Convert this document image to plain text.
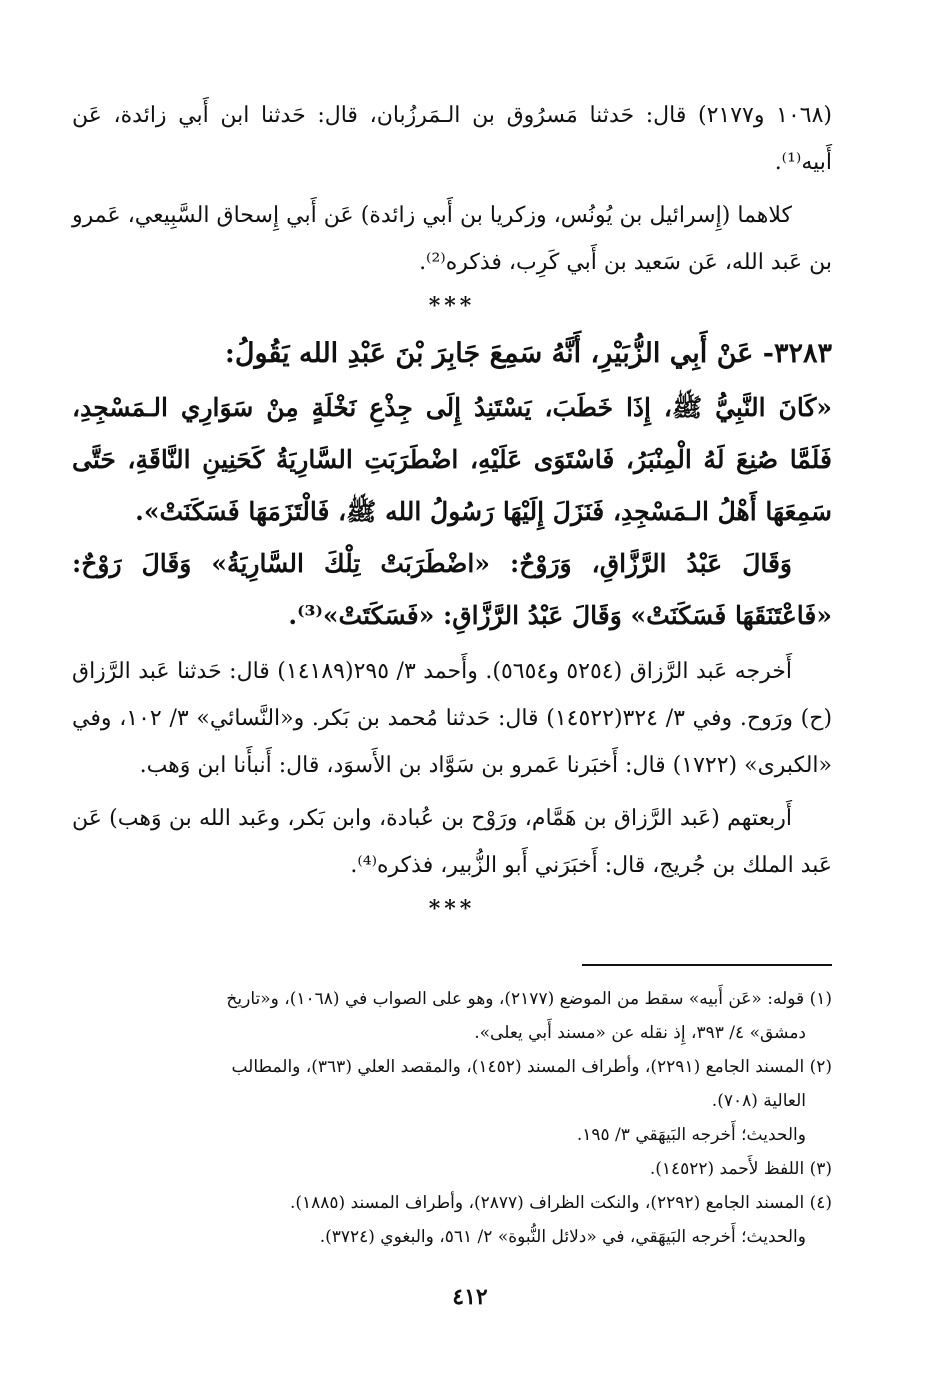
(١٠٦٨ و٢١٧٧) قال: حَدثنا مَسرُوق بن الـمَرزُبان، قال: حَدثنا ابن أَبي زائدة، عَن أَبيه⁽¹⁾.

كلاهما (إِسرائيل بن يُونُس، وزكريا بن أَبي زائدة) عَن أَبي إِسحاق السَّبِيعي، عَمرو بن عَبد الله، عَن سَعيد بن أَبي كَرِب، فذكره⁽²⁾.

***

٣٢٨٣- عَنْ أَبِي الزُّبَيْرِ، أَنَّهُ سَمِعَ جَابِرَ بْنَ عَبْدِ الله يَقُولُ:

«كَانَ النَّبِيُّ ﷺ، إِذَا خَطَبَ، يَسْتَنِدُ إِلَى جِذْعِ نَخْلَةٍ مِنْ سَوَارِي الـمَسْجِدِ، فَلَمَّا صُنِعَ لَهُ الْمِنْبَرُ، فَاسْتَوَى عَلَيْهِ، اضْطَرَبَتِ السَّارِيَةُ كَحَنِينِ النَّاقَةِ، حَتَّى سَمِعَهَا أَهْلُ الـمَسْجِدِ، فَنَزَلَ إِلَيْهَا رَسُولُ الله ﷺ، فَالْتَزَمَهَا فَسَكَنَتْ».

وَقَالَ عَبْدُ الرَّزَّاقِ، وَرَوْحٌ: «اضْطَرَبَتْ تِلْكَ السَّارِيَةُ» وَقَالَ رَوْحٌ: «فَاعْتَنَقَهَا فَسَكَنَتْ» وَقَالَ عَبْدُ الرَّزَّاقِ: «فَسَكَتَتْ»⁽³⁾.

أَخرجه عَبد الرَّزاق (٥٢٥٤ و٥٦٥٤). وأَحمد ٣/ ٢٩٥(١٤١٨٩) قال: حَدثنا عَبد الرَّزاق (ح) ورَوح. وفي ٣/ ٣٢٤(١٤٥٢٢) قال: حَدثنا مُحمد بن بَكر. و«النَّسائي» ٣/ ١٠٢، وفي «الكبرى» (١٧٢٢) قال: أَخبَرنا عَمرو بن سَوَّاد بن الأَسوَد، قال: أَنبأَنا ابن وَهب.

أَربعتهم (عَبد الرَّزاق بن هَمَّام، ورَوْح بن عُبادة، وابن بَكر، وعَبد الله بن وَهب) عَن عَبد الملك بن جُريج، قال: أَخبَرَني أَبو الزُّبير، فذكره⁽⁴⁾.

***

(١) قوله: «عَن أَبيه» سقط من الموضع (٢١٧٧)، وهو على الصواب في (١٠٦٨)، و«تاريخ

دمشق» ٤/ ٣٩٣، إِذ نقله عن «مسند أَبي يعلى».

(٢) المسند الجامع (٢٢٩١)، وأطراف المسند (١٤٥٢)، والمقصد العلي (٣٦٣)، والمطالب

العالية (٧٠٨).

والحديث؛ أَخرجه البَيهَقي ٣/ ١٩٥.

(٣) اللفظ لأَحمد (١٤٥٢٢).

(٤) المسند الجامع (٢٢٩٢)، والنكت الظراف (٢٨٧٧)، وأطراف المسند (١٨٨٥).

والحديث؛ أَخرجه البَيهَقي، في «دلائل النُّبوة» ٢/ ٥٦١، والبغوي (٣٧٢٤).

٤١٢
